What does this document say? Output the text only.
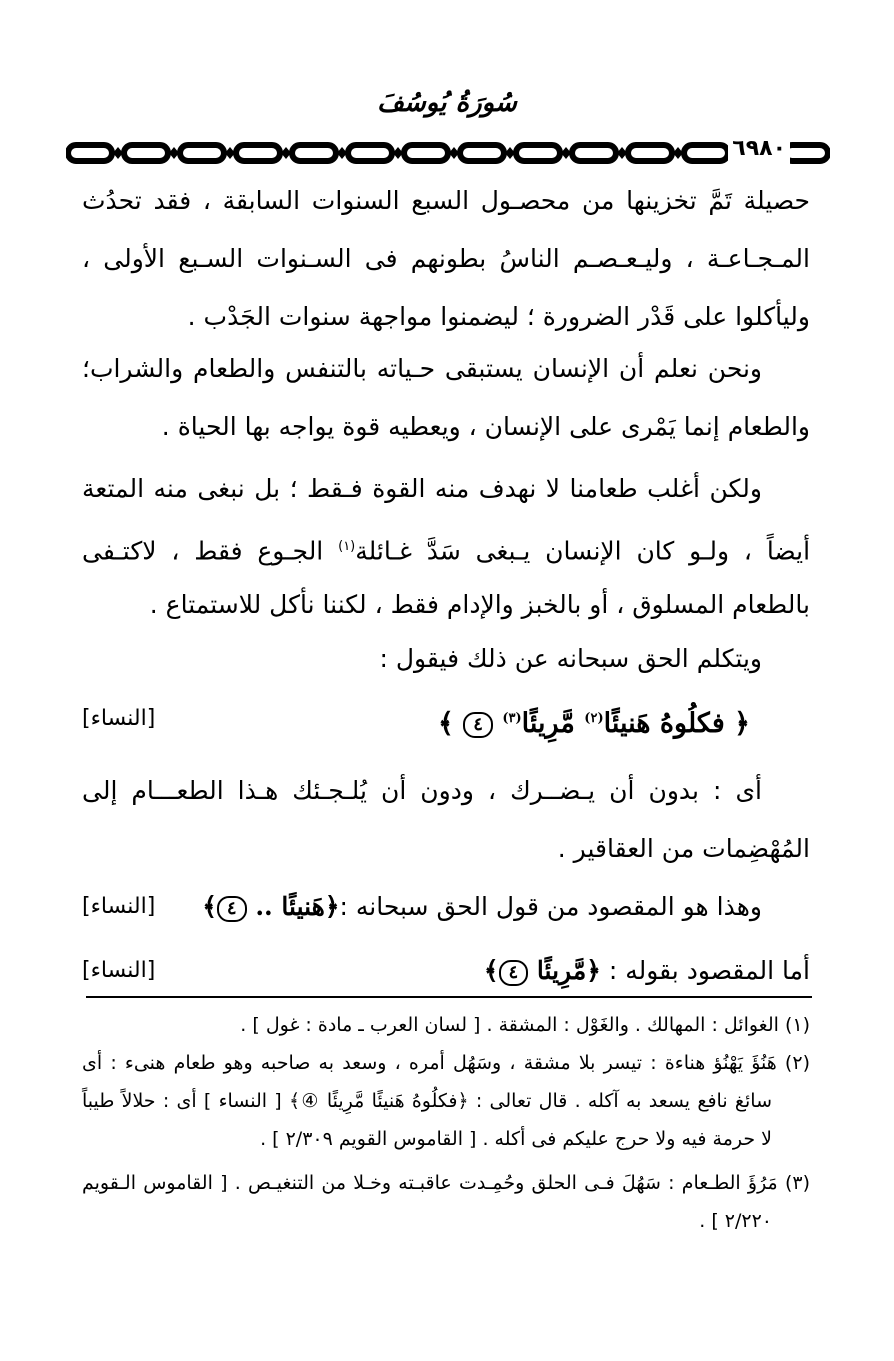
سُورَةُ يُوسُفَ
٦٩٨٠
حصيلة تَمَّ تخزينها من محصـول السبع السنوات السابقة ، فقد تحدُث
المـجـاعـة ، وليـعـصـم الناسُ بطونهم فى السـنوات السـبع الأولى ،
وليأكلوا على قَدْر الضرورة ؛ ليضمنوا مواجهة سنوات الجَدْب .
ونحن نعلم أن الإنسان يستبقى حـياته بالتنفس والطعام والشراب؛
والطعام إنما يَمْرى على الإنسان ، ويعطيه قوة يواجه بها الحياة .
ولكن أغلب طعامنا لا نهدف منه القوة فـقط ؛ بل نبغى منه المتعة
أيضاً ، ولـو كان الإنسان يـبغى سَدَّ غـائلة$^{(١)}$ الجـوع فقط ، لاكتـفى
بالطعام المسلوق ، أو بالخبز والإدام فقط ، لكننا نأكل للاستمتاع .
ويتكلم الحق سبحانه عن ذلك فيقول :
﴿ فكلُوهُ هَنيئًا$^{(٢)}$ مَّرِيئًا$^{(٣)}$ ٤ ﴾
[النساء]
أى : بدون أن يـضــرك ، ودون أن يُلـجـئك هـذا الطعـــام إلى
المُهْضِمات من العقاقير .
وهذا هو المقصود من قول الحق سبحانه :﴿هَنيئًا .. ٤﴾
[النساء]
أما المقصود بقوله : ﴿مَّرِيئًا ٤﴾
[النساء]
(١) الغوائل : المهالك . والغَوْل : المشقة . [ لسان العرب ـ مادة : غول ] .
(٢) هَنُؤَ يَهْنُؤ هناءة : تيسر بلا مشقة ، وسَهُل أمره ، وسعد به صاحبه وهو طعام هنىء : أى
سائغ نافع يسعد به آكله . قال تعالى : ﴿فكلُوهُ هَنيئًا مَّرِيئًا ④﴾ [ النساء ] أى : حلالاً طيباً
لا حرمة فيه ولا حرج عليكم فى أكله . [ القاموس القويم ٢/٣٠٩ ] .
(٣) مَرُؤَ الطـعام : سَهُلَ فـى الحلق وحُمِـدت عاقبـته وخـلا من التنغيـص . [ القاموس الـقويم
٢/٢٢٠ ] .
